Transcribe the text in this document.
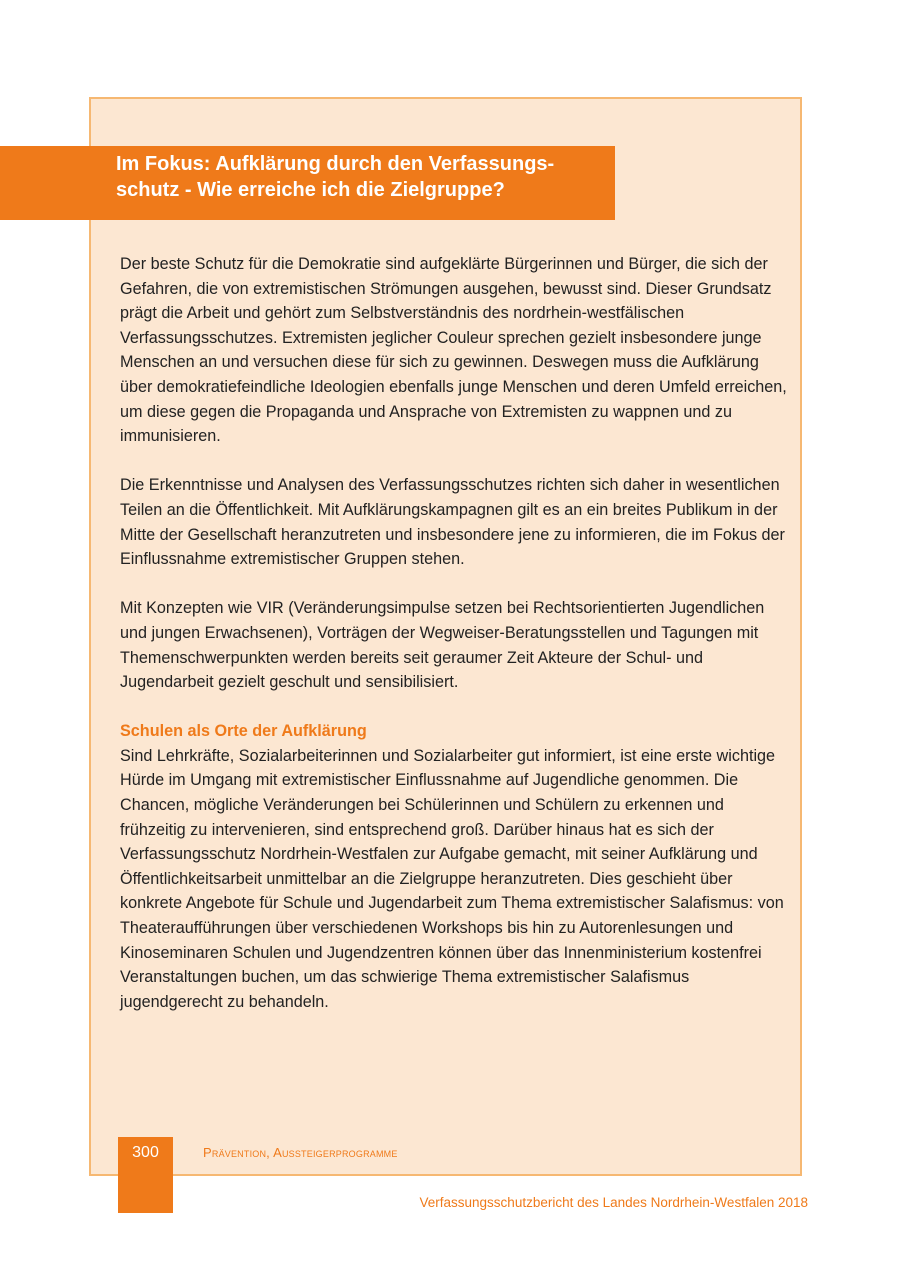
Im Fokus: Aufklärung durch den Verfassungs-
schutz - Wie erreiche ich die Zielgruppe?

Der beste Schutz für die Demokratie sind aufgeklärte Bürgerinnen und Bürger, die sich der Gefahren, die von extremistischen Strömungen ausgehen, bewusst sind. Dieser Grundsatz prägt die Arbeit und gehört zum Selbstverständnis des nordrhein-westfälischen Verfassungsschutzes. Extremisten jeglicher Couleur sprechen gezielt insbesondere junge Menschen an und versuchen diese für sich zu gewinnen. Deswegen muss die Aufklärung über demokratiefeindliche Ideologien ebenfalls junge Menschen und deren Umfeld erreichen, um diese gegen die Propaganda und Ansprache von Extremisten zu wappnen und zu immunisieren.

Die Erkenntnisse und Analysen des Verfassungsschutzes richten sich daher in wesentlichen Teilen an die Öffentlichkeit. Mit Aufklärungskampagnen gilt es an ein breites Publikum in der Mitte der Gesellschaft heranzutreten und insbesondere jene zu informieren, die im Fokus der Einflussnahme extremistischer Gruppen stehen.

Mit Konzepten wie VIR (Veränderungsimpulse setzen bei Rechtsorientierten Jugendlichen und jungen Erwachsenen), Vorträgen der Wegweiser-Beratungsstellen und Tagungen mit Themenschwerpunkten werden bereits seit geraumer Zeit Akteure der Schul- und Jugendarbeit gezielt geschult und sensibilisiert.

Schulen als Orte der Aufklärung

Sind Lehrkräfte, Sozialarbeiterinnen und Sozialarbeiter gut informiert, ist eine erste wichtige Hürde im Umgang mit extremistischer Einflussnahme auf Jugendliche genommen. Die Chancen, mögliche Veränderungen bei Schülerinnen und Schülern zu erkennen und frühzeitig zu intervenieren, sind entsprechend groß. Darüber hinaus hat es sich der Verfassungsschutz Nordrhein-Westfalen zur Aufgabe gemacht, mit seiner Aufklärung und Öffentlichkeitsarbeit unmittelbar an die Zielgruppe heranzutreten. Dies geschieht über konkrete Angebote für Schule und Jugendarbeit zum Thema extremistischer Salafismus: von Theateraufführungen über verschiedenen Workshops bis hin zu Autorenlesungen und Kinoseminaren Schulen und Jugendzentren können über das Innenministerium kostenfrei Veranstaltungen buchen, um das schwierige Thema extremistischer Salafismus jugendgerecht zu behandeln.

300	Prävention, Aussteigerprogramme
Verfassungsschutzbericht des Landes Nordrhein-Westfalen 2018
